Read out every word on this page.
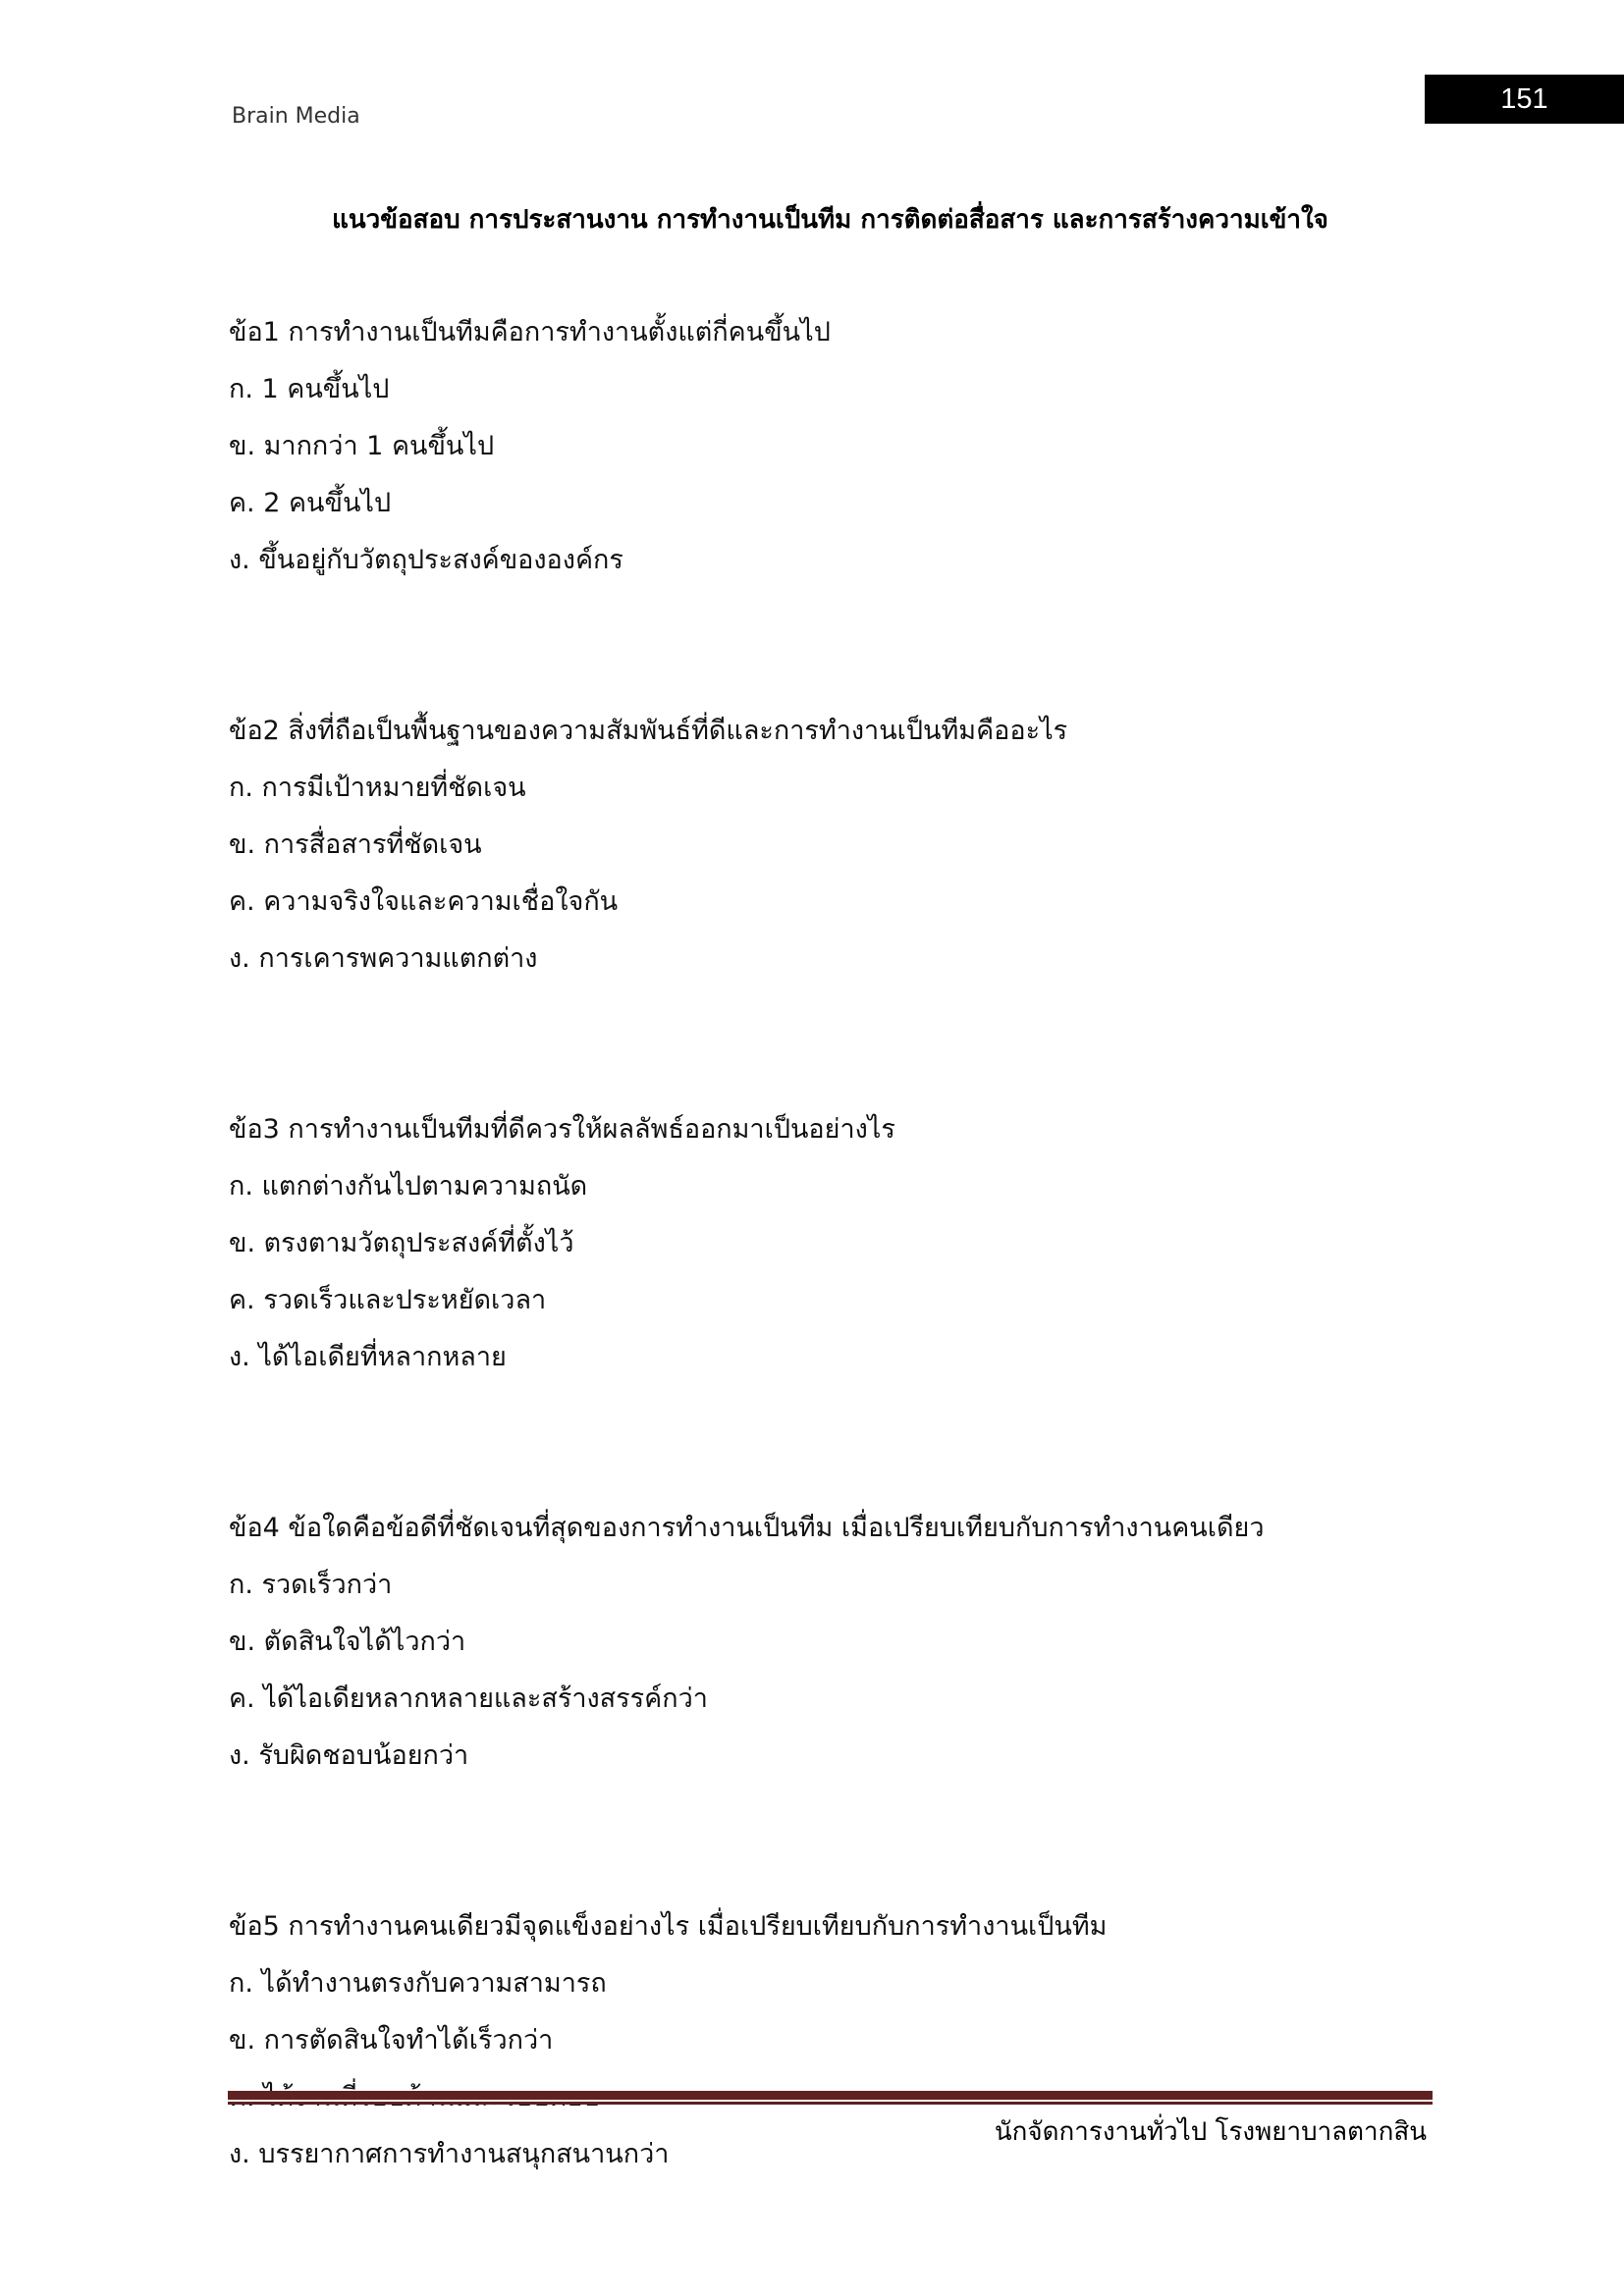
Brain Media
151
แนวข้อสอบ การประสานงาน การทำงานเป็นทีม การติดต่อสื่อสาร และการสร้างความเข้าใจ
ข้อ1 การทำงานเป็นทีมคือการทำงานตั้งแต่กี่คนขึ้นไป
ก. 1 คนขึ้นไป
ข. มากกว่า 1 คนขึ้นไป
ค. 2 คนขึ้นไป
ง. ขึ้นอยู่กับวัตถุประสงค์ขององค์กร
ข้อ2 สิ่งที่ถือเป็นพื้นฐานของความสัมพันธ์ที่ดีและการทำงานเป็นทีมคืออะไร
ก. การมีเป้าหมายที่ชัดเจน
ข. การสื่อสารที่ชัดเจน
ค. ความจริงใจและความเชื่อใจกัน
ง. การเคารพความแตกต่าง
ข้อ3 การทำงานเป็นทีมที่ดีควรให้ผลลัพธ์ออกมาเป็นอย่างไร
ก. แตกต่างกันไปตามความถนัด
ข. ตรงตามวัตถุประสงค์ที่ตั้งไว้
ค. รวดเร็วและประหยัดเวลา
ง. ได้ไอเดียที่หลากหลาย
ข้อ4 ข้อใดคือข้อดีที่ชัดเจนที่สุดของการทำงานเป็นทีม เมื่อเปรียบเทียบกับการทำงานคนเดียว
ก. รวดเร็วกว่า
ข. ตัดสินใจได้ไวกว่า
ค. ได้ไอเดียหลากหลายและสร้างสรรค์กว่า
ง. รับผิดชอบน้อยกว่า
ข้อ5 การทำงานคนเดียวมีจุดแข็งอย่างไร เมื่อเปรียบเทียบกับการทำงานเป็นทีม
ก. ได้ทำงานตรงกับความสามารถ
ข. การตัดสินใจทำได้เร็วกว่า
ง. บรรยากาศการทำงานสนุกสนานกว่า
นักจัดการงานทั่วไป โรงพยาบาลตากสิน
